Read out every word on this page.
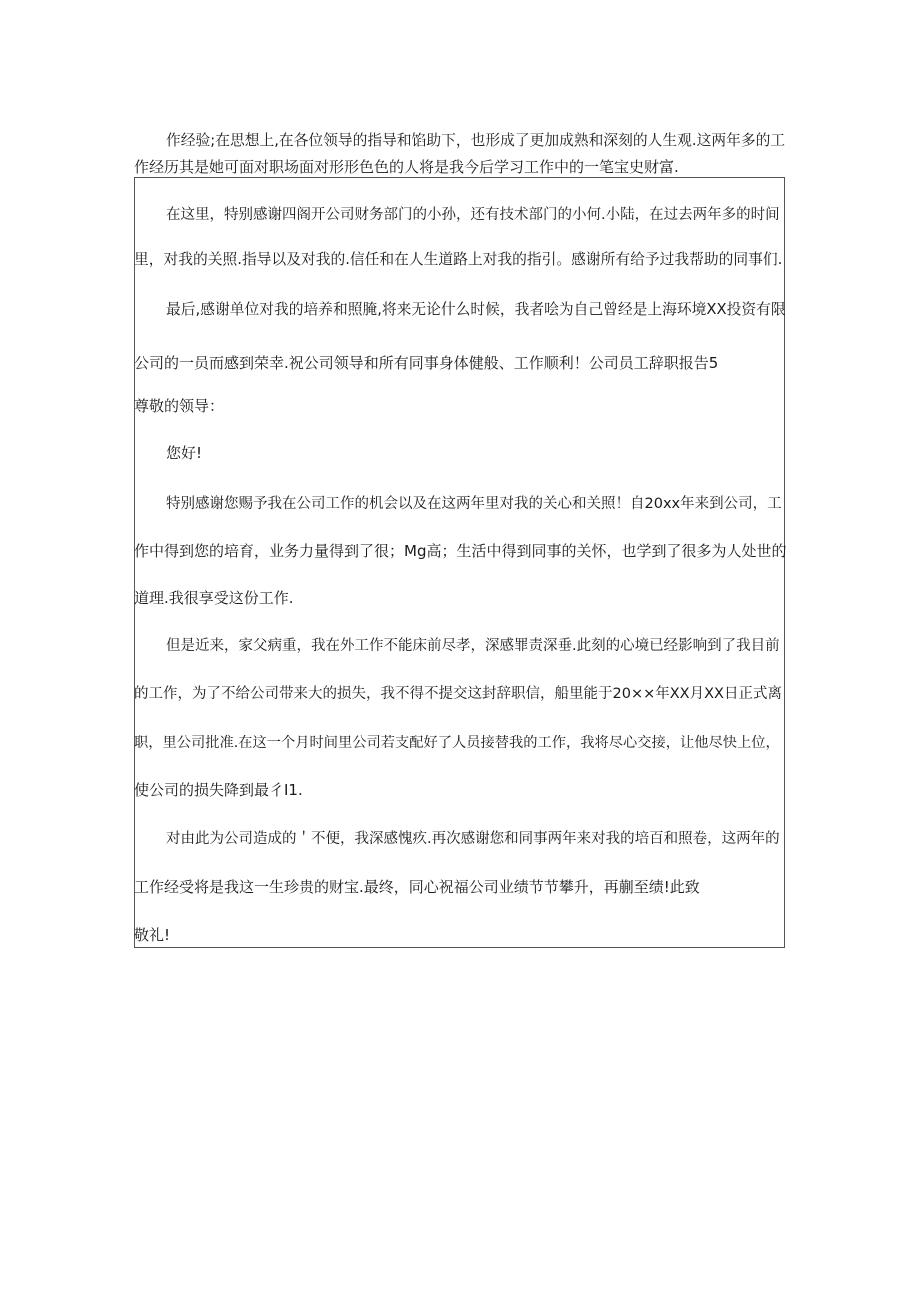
作经验;在思想上,在各位领导的指导和馅助下，也形成了更加成熟和深刻的人生观.这两年多的工
作经历其是她可面对职场面对形形色色的人将是我今后学习工作中的一笔宝史财富.
在这里，特别感谢四阁开公司财务部门的小孙，还有技术部门的小何.小陆，在过去两年多的时间
里，对我的关照.指导以及对我的.信任和在人生道路上对我的指引。感谢所有给予过我帮助的同事们.
最后,感谢单位对我的培养和照腌,将来无论什么时候，我者哙为自己曾经是上海环境XX投资有限
公司的一员而感到荣幸.祝公司领导和所有同事身体健般、工作顺利！公司员工辞职报告5
尊敬的领导：
您好!
特别感谢您赐予我在公司工作的机会以及在这两年里对我的关心和关照！自20xx年来到公司，工
作中得到您的培育，业务力量得到了很；Mg高；生活中得到同事的关怀，也学到了很多为人处世的
道理.我很享受这份工作.
但是近来，家父病重，我在外工作不能床前尽孝，深感罪责深垂.此刻的心境已经影响到了我目前
的工作，为了不给公司带来大的损失，我不得不提交这封辞职信，船里能于20××年XX月XX日正式离
职，里公司批准.在这一个月时间里公司若支配好了人员接替我的工作，我将尽心交接，让他尽快上位，
使公司的损失降到最彳I1.
对由此为公司造成的＇不便，我深感愧疚.再次感谢您和同事两年来对我的培百和照卷，这两年的
工作经受将是我这一生珍贵的财宝.最终，同心祝福公司业绩节节攀升，再蒯至绩!此致
敬礼!
